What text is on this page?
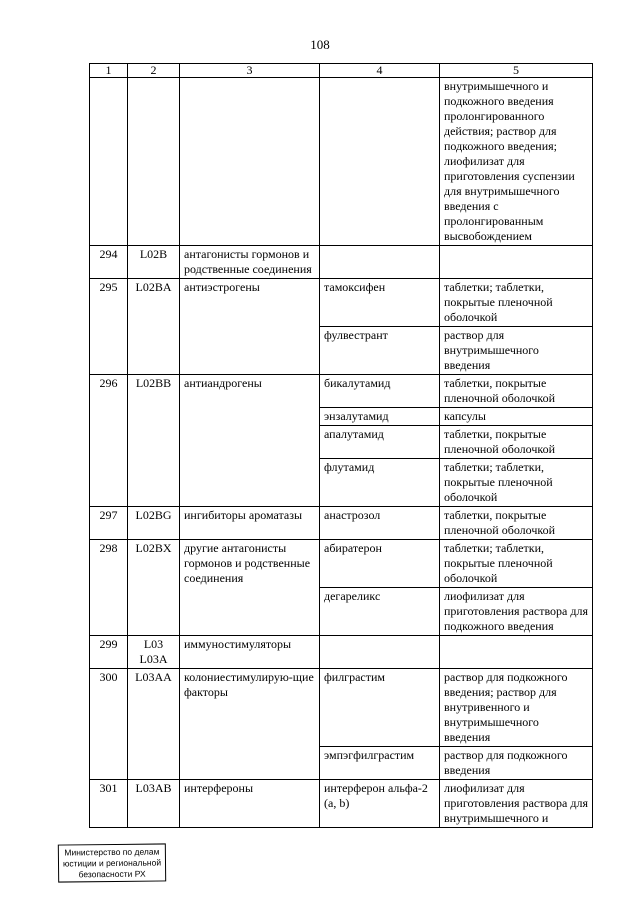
108
1	2	3	4	5
				внутримышечного и подкожного введения пролонгированного действия; раствор для подкожного введения; лиофилизат для приготовления суспензии для внутримышечного введения с пролонгированным высвобождением
294	L02B	антагонисты гормонов и родственные соединения		
295	L02BA	антиэстрогены	тамоксифен	таблетки; таблетки, покрытые пленочной оболочкой
			фулвестрант	раствор для внутримышечного введения
296	L02BB	антиандрогены	бикалутамид	таблетки, покрытые пленочной оболочкой
			энзалутамид	капсулы
			апалутамид	таблетки, покрытые пленочной оболочкой
			флутамид	таблетки; таблетки, покрытые пленочной оболочкой
297	L02BG	ингибиторы ароматазы	анастрозол	таблетки, покрытые пленочной оболочкой
298	L02BX	другие антагонисты гормонов и родственные соединения	абиратерон	таблетки; таблетки, покрытые пленочной оболочкой
			дегареликс	лиофилизат для приготовления раствора для подкожного введения
299	L03 L03A	иммуностимуляторы		
300	L03AA	колониестимулирую-щие факторы	филграстим	раствор для подкожного введения; раствор для внутривенного и внутримышечного введения
			эмпэгфилграстим	раствор для подкожного введения
301	L03AB	интерфероны	интерферон альфа-2 (a, b)	лиофилизат для приготовления раствора для внутримышечного и
Министерство по делам
юстиции и региональной
безопасности РХ
